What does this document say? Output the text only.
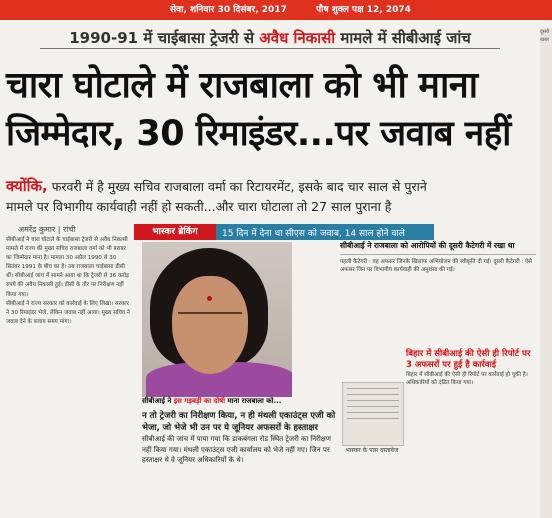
सेवा, शनिवार 30 दिसंबर, 2017	पौष शुक्ल पक्ष 12, 2074
1990-91 में चाईबासा ट्रेजरी से अवैध निकासी मामले में सीबीआई जांच
चारा घोटाले में राजबाला को भी माना
जिम्मेदार, 30 रिमाइंडर...पर जवाब नहीं
क्योंकि, फरवरी में है मुख्य सचिव राजबाला वर्मा का रिटायरमेंट, इसके बाद चार साल से पुराने
मामले पर विभागीय कार्यवाही नहीं हो सकती...और चारा घोटाला तो 27 साल पुराना है
अमरेंद्र कुमार | रांची

सीबीआई ने चारा घोटाले के चाईबासा ट्रेजरी से अवैध निकासी मामले में राज्य की मुख्य सचिव राजबाला वर्मा को भी बराबर का जिम्मेदार माना है। मामला 30 अप्रैल 1990 से 30 सितंबर 1991 के बीच का है। तब राजबाला चाईबासा डीसी थीं। सीबीआई जांच में सामने आया था कि ट्रेजरी से 36 करोड़ रुपये की अवैध निकासी हुई। डीसी के तौर पर निरीक्षण नहीं किया गया।

सीबीआई ने राज्य सरकार को कार्रवाई के लिए लिखा। सरकार ने 30 रिमाइंडर भेजे, लेकिन जवाब नहीं आया। मुख्य सचिव ने जवाब देने के बजाय समय मांगा।

भास्कर ब्रेकिंग	15 दिन में देना था सीएस को जवाब, 14 साल होने वाले
सीबीआई ने इस गड़बड़ी का दोषी माना राजबाला को...
न तो ट्रेजरी का निरीक्षण किया, न ही मंथली एकाउंट्स एजी को भेजा, जो भेजे भी उन पर ये जूनियर अफसरों के हस्ताक्षर
सीबीआई की जांच में पाया गया कि डाकबंगला रोड स्थित ट्रेजरी का निरीक्षण नहीं किया गया। मंथली एकाउंट्स एजी कार्यालय को भेजे नहीं गए। जिन पर हस्ताक्षर थे वे जूनियर अधिकारियों के थे।
सीबीआई ने राजबाला को आरोपियों की दूसरी कैटेगरी में रखा था
पहली कैटेगरी : वह अफसर जिनके खिलाफ अभियोजन की स्वीकृति दी गई। दूसरी कैटेगरी : ऐसे अफसर जिन पर विभागीय कार्यवाही की अनुशंसा की गई।
बिहार में सीबीआई की ऐसी ही रिपोर्ट पर 3 अफसरों पर हुई है कार्रवाई
बिहार में सीबीआई की ऐसी ही रिपोर्ट पर कार्रवाई हो चुकी है। अधिकारियों को दंडित किया गया।
भास्कर के पास दस्तावेज
दूसरी खबर
